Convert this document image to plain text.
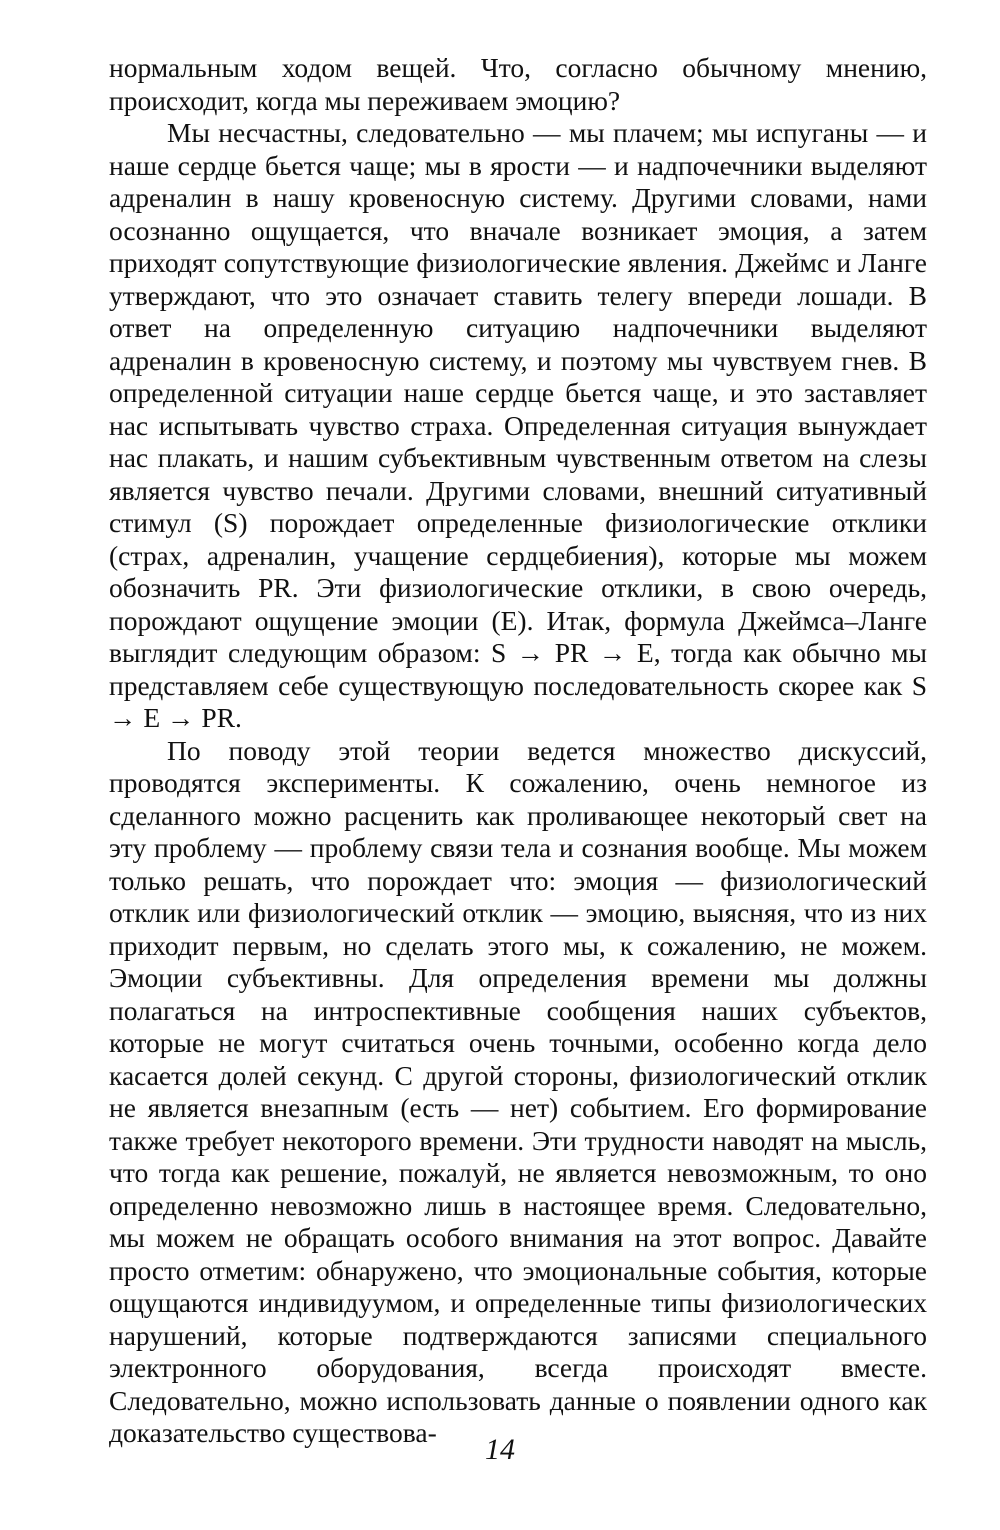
нормальным ходом вещей. Что, согласно обычному мнению, происходит, когда мы переживаем эмоцию?

Мы несчастны, следовательно — мы плачем; мы испуганы — и наше сердце бьется чаще; мы в ярости — и надпочечники выделяют адреналин в нашу кровеносную систему. Другими словами, нами осознанно ощущается, что вначале возникает эмоция, а затем приходят сопутствующие физиологические явления. Джеймс и Ланге утверждают, что это означает ставить телегу впереди лошади. В ответ на определенную ситуацию надпочечники выделяют адреналин в кровеносную систему, и поэтому мы чувствуем гнев. В определенной ситуации наше сердце бьется чаще, и это заставляет нас испытывать чувство страха. Определенная ситуация вынуждает нас плакать, и нашим субъективным чувственным ответом на слезы является чувство печали. Другими словами, внешний ситуативный стимул (S) порождает определенные физиологические отклики (страх, адреналин, учащение сердцебиения), которые мы можем обозначить PR. Эти физиологические отклики, в свою очередь, порождают ощущение эмоции (E). Итак, формула Джеймса–Ланге выглядит следующим образом: S → PR → E, тогда как обычно мы представляем себе существующую последовательность скорее как S → E → PR.

По поводу этой теории ведется множество дискуссий, проводятся эксперименты. К сожалению, очень немногое из сделанного можно расценить как проливающее некоторый свет на эту проблему — проблему связи тела и сознания вообще. Мы можем только решать, что порождает что: эмоция — физиологический отклик или физиологический отклик — эмоцию, выясняя, что из них приходит первым, но сделать этого мы, к сожалению, не можем. Эмоции субъективны. Для определения времени мы должны полагаться на интроспективные сообщения наших субъектов, которые не могут считаться очень точными, особенно когда дело касается долей секунд. С другой стороны, физиологический отклик не является внезапным (есть — нет) событием. Его формирование также требует некоторого времени. Эти трудности наводят на мысль, что тогда как решение, пожалуй, не является невозможным, то оно определенно невозможно лишь в настоящее время. Следовательно, мы можем не обращать особого внимания на этот вопрос. Давайте просто отметим: обнаружено, что эмоциональные события, которые ощущаются индивидуумом, и определенные типы физиологических нарушений, которые подтверждаются записями специального электронного оборудования, всегда происходят вместе. Следовательно, можно использовать данные о появлении одного как доказательство существова-

14
